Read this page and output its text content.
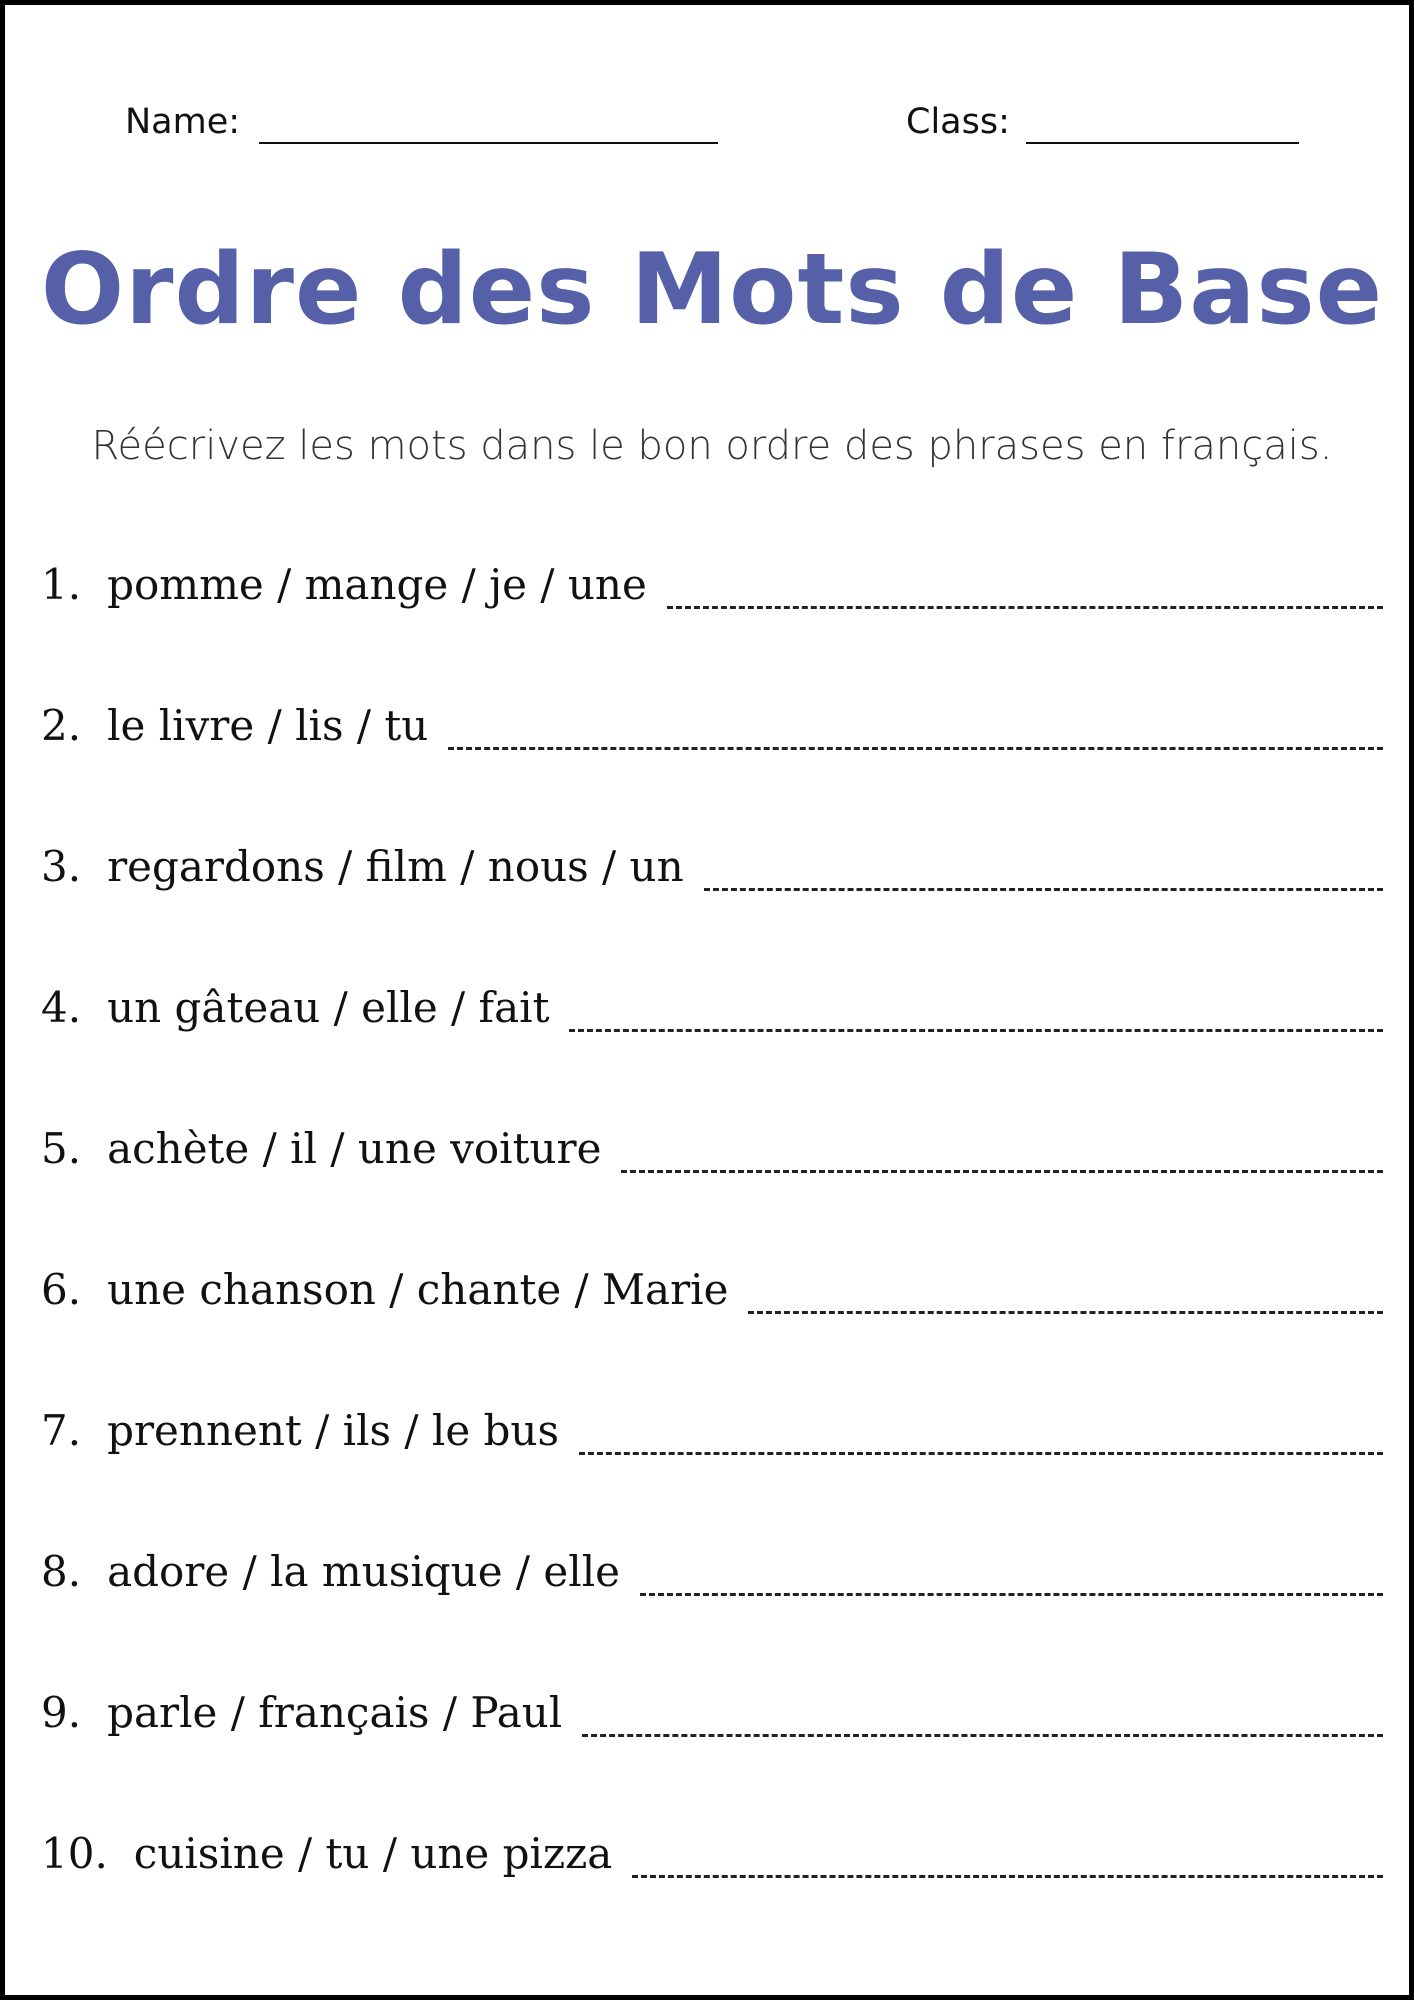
Name:	Class:
Ordre des Mots de Base
Réécrivez les mots dans le bon ordre des phrases en français.
1. pomme / mange / je / une
2. le livre / lis / tu
3. regardons / film / nous / un
4. un gâteau / elle / fait
5. achète / il / une voiture
6. une chanson / chante / Marie
7. prennent / ils / le bus
8. adore / la musique / elle
9. parle / français / Paul
10. cuisine / tu / une pizza
